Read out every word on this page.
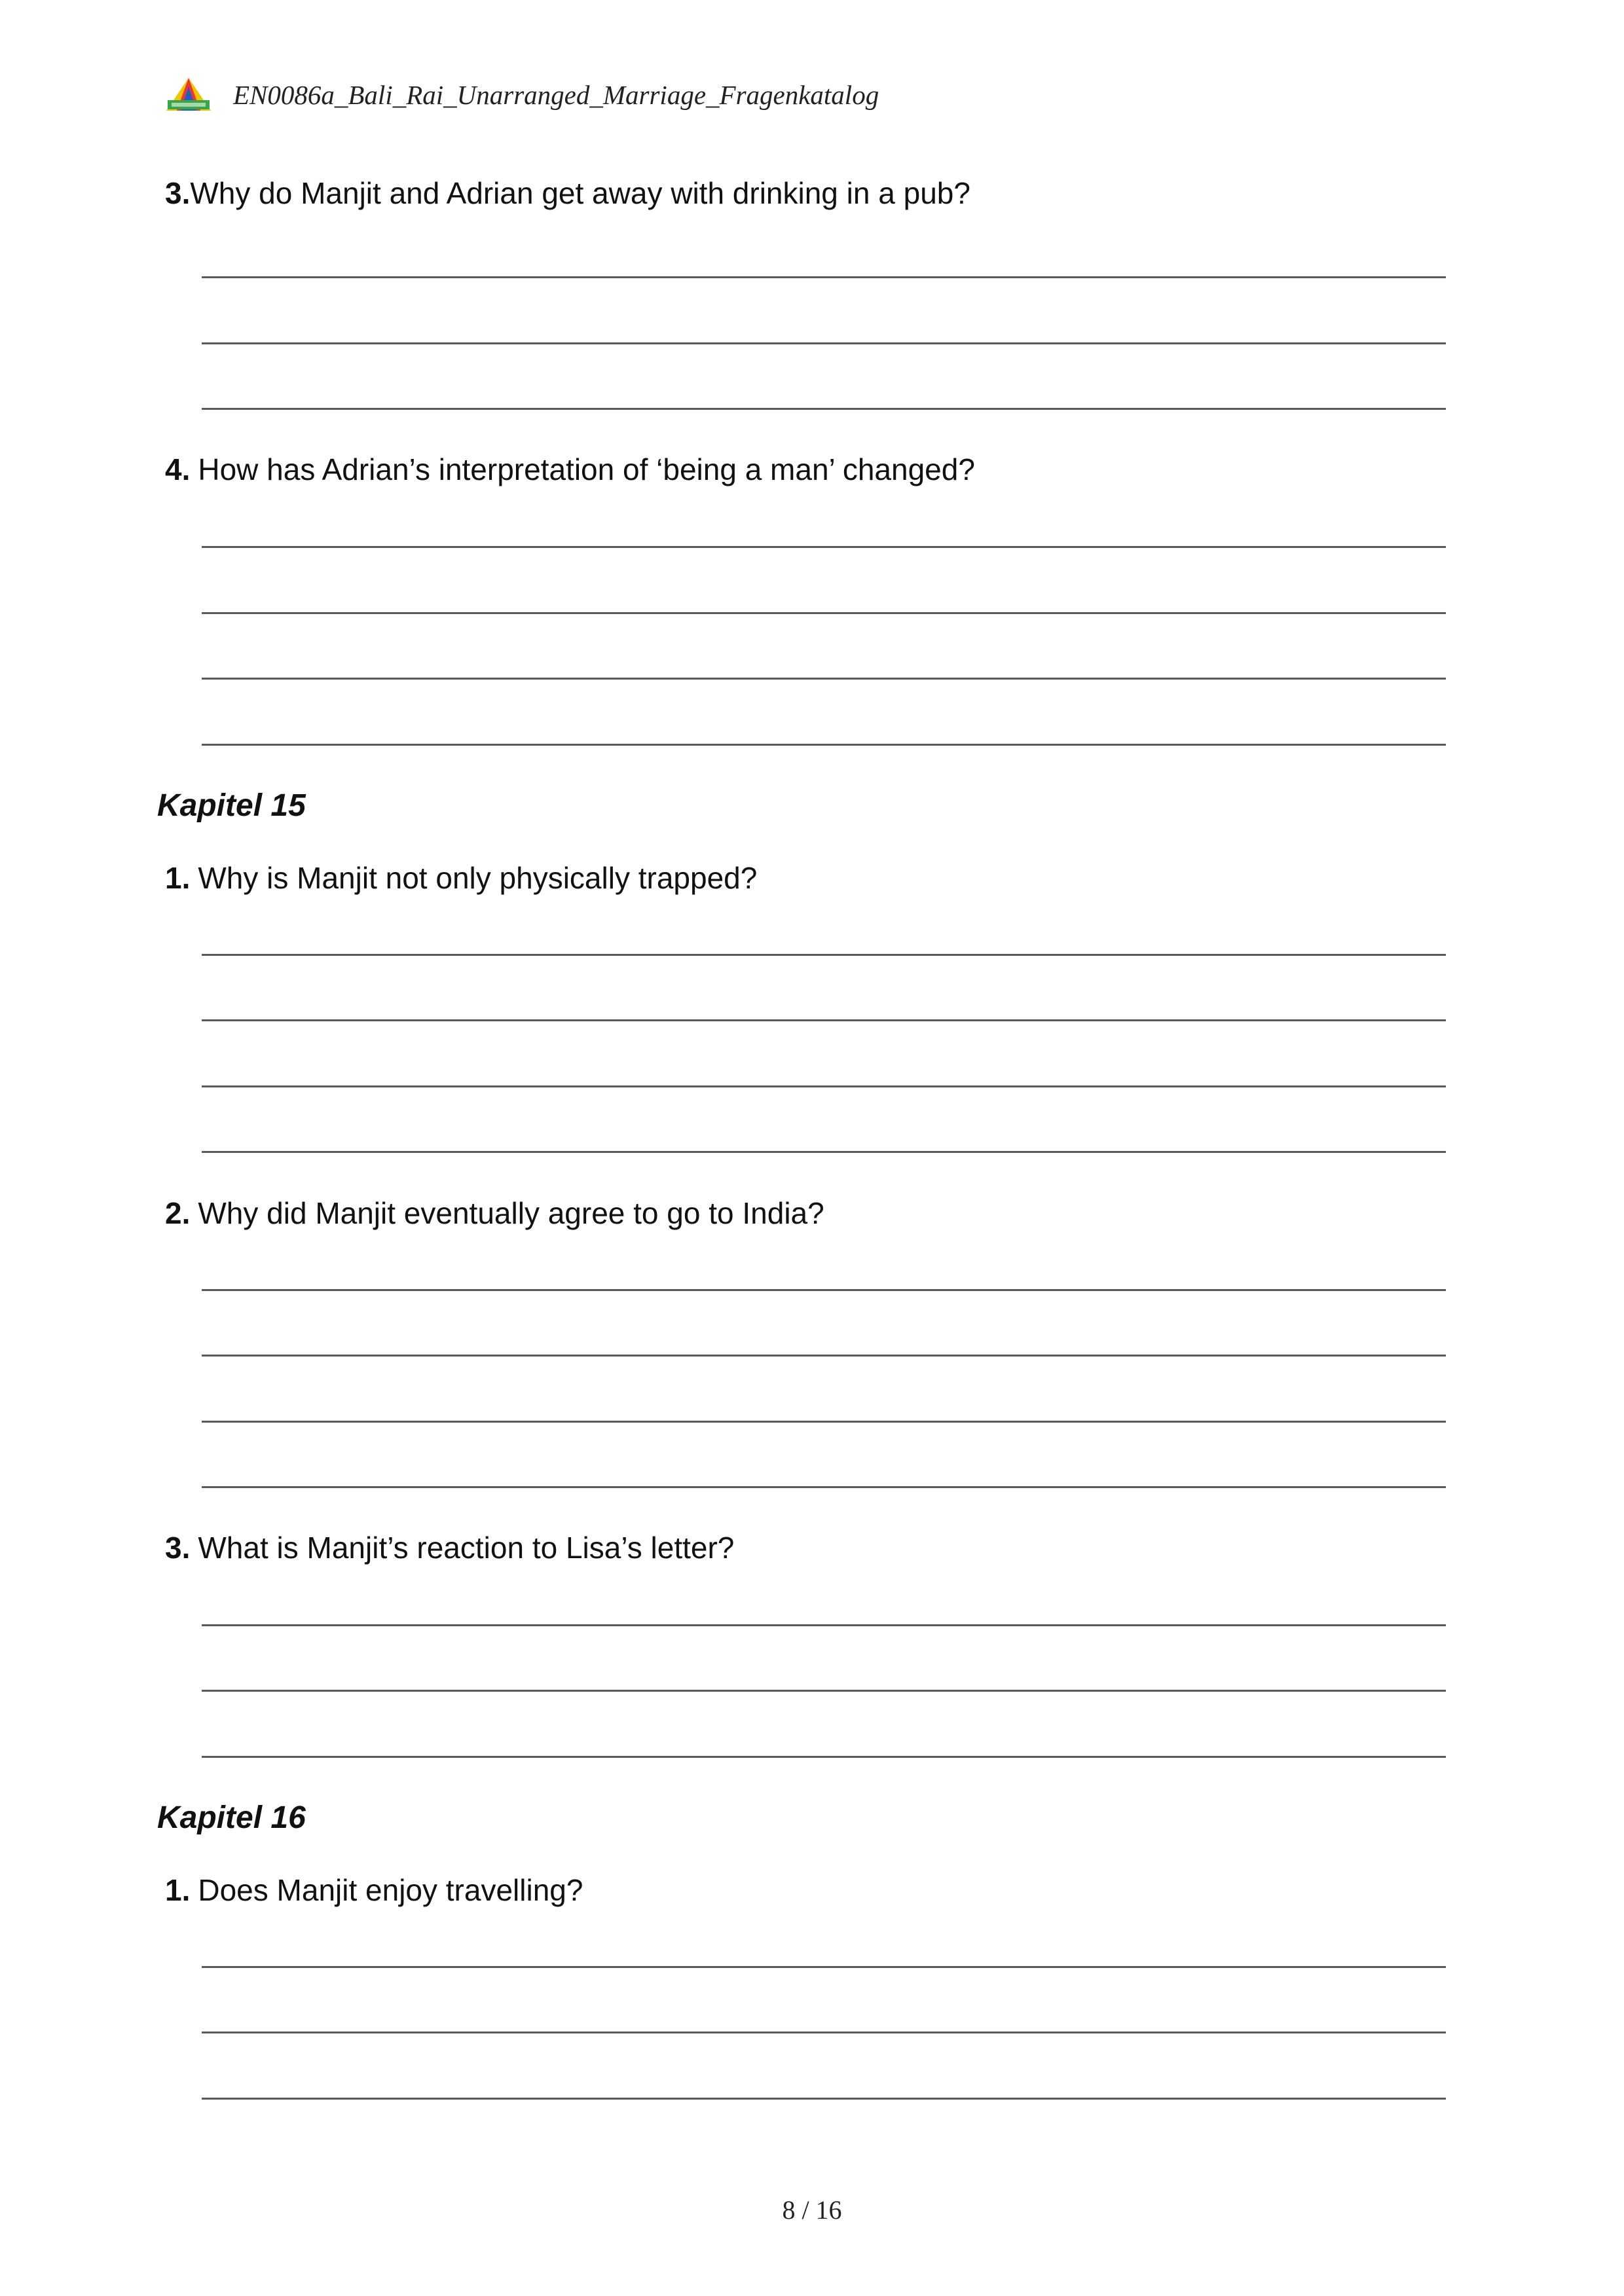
EN0086a_Bali_Rai_Unarranged_Marriage_Fragenkatalog
3.Why do Manjit and Adrian get away with drinking in a pub?
4. How has Adrian’s interpretation of ‘being a man’ changed?
Kapitel 15
1. Why is Manjit not only physically trapped?
2. Why did Manjit eventually agree to go to India?
3. What is Manjit’s reaction to Lisa’s letter?
Kapitel 16
1. Does Manjit enjoy travelling?
8 / 16
